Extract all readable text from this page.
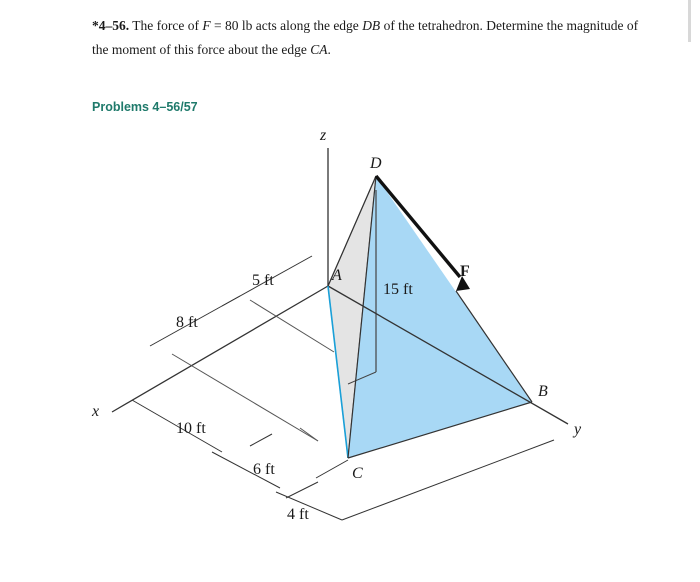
*4–56. The force of F = 80 lb acts along the edge DB of the tetrahedron. Determine the magnitude of the moment of this force about the edge CA.
Problems 4–56/57
z
x
y
D
A
B
C
F
5 ft
8 ft
15 ft
10 ft
6 ft
4 ft
